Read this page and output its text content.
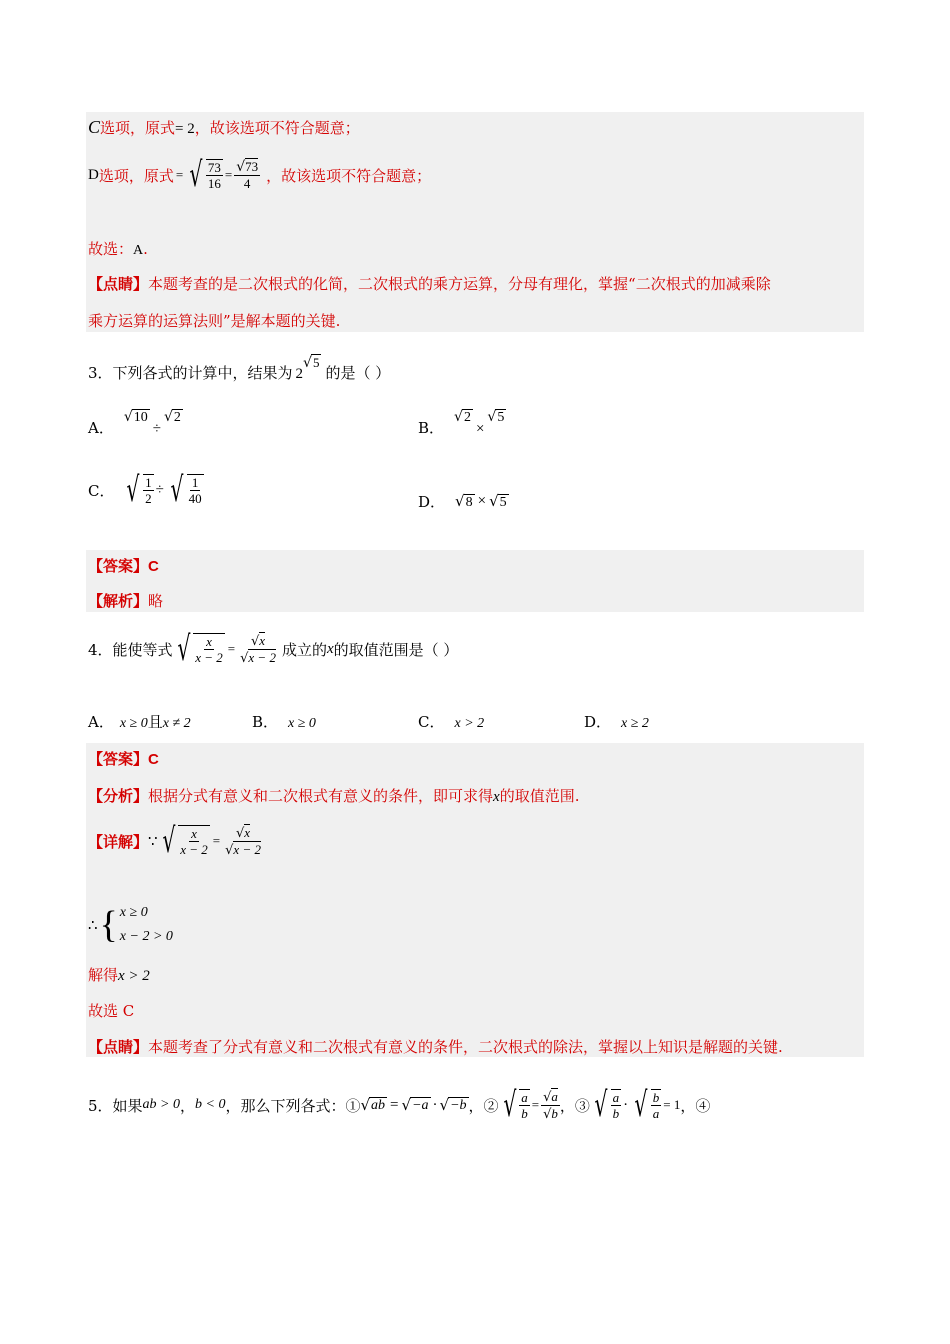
C选项，原式= 2，故该选项不符合题意；
D 选项，原式 = √ $\frac{73}{16} = \frac{√73}{4}$ ，故该选项不符合题意；
故选：A.
【点睛】本题考查的是二次根式的化简，二次根式的乘方运算，分母有理化，掌握“二次根式的加减乘除
乘方运算的运算法则”是解本题的关键.
3．下列各式的计算中，结果为 2
√5
的是（ ）
A．
√10
÷
√2
B．
√2
×
√5
C． √ $\frac{1}{2}$ ÷ √ $\frac{1}{40}$	D． √8 × √5
【答案】C
【解析】略
4．能使等式 √ $\frac{x}{x - 2} = \frac{√x}{√x - 2}$ 成立的 x 的取值范围是（ ）
A． x ≥ 0且x ≠ 2	B． x ≥ 0	C． x > 2	D． x ≥ 2
【答案】C
【分析】根据分式有意义和二次根式有意义的条件，即可求得x的取值范围.
【详解】 ∵ √ $\frac{x}{x - 2} = \frac{√x}{√x - 2}$
∴ { x ≥ 0
x − 2 > 0
解得x > 2
故选 C
【点睛】本题考查了分式有意义和二次根式有意义的条件，二次根式的除法，掌握以上知识是解题的关键.
5．如果 ab > 0 ， b < 0 ，那么下列各式：① √ ab = √ −a · √ −b ，② √ $\frac{a}{b} = \frac{√a}{√b}$ ，③ √ $\frac{a}{b}$ · √ $\frac{b}{a} = 1$ ，④
